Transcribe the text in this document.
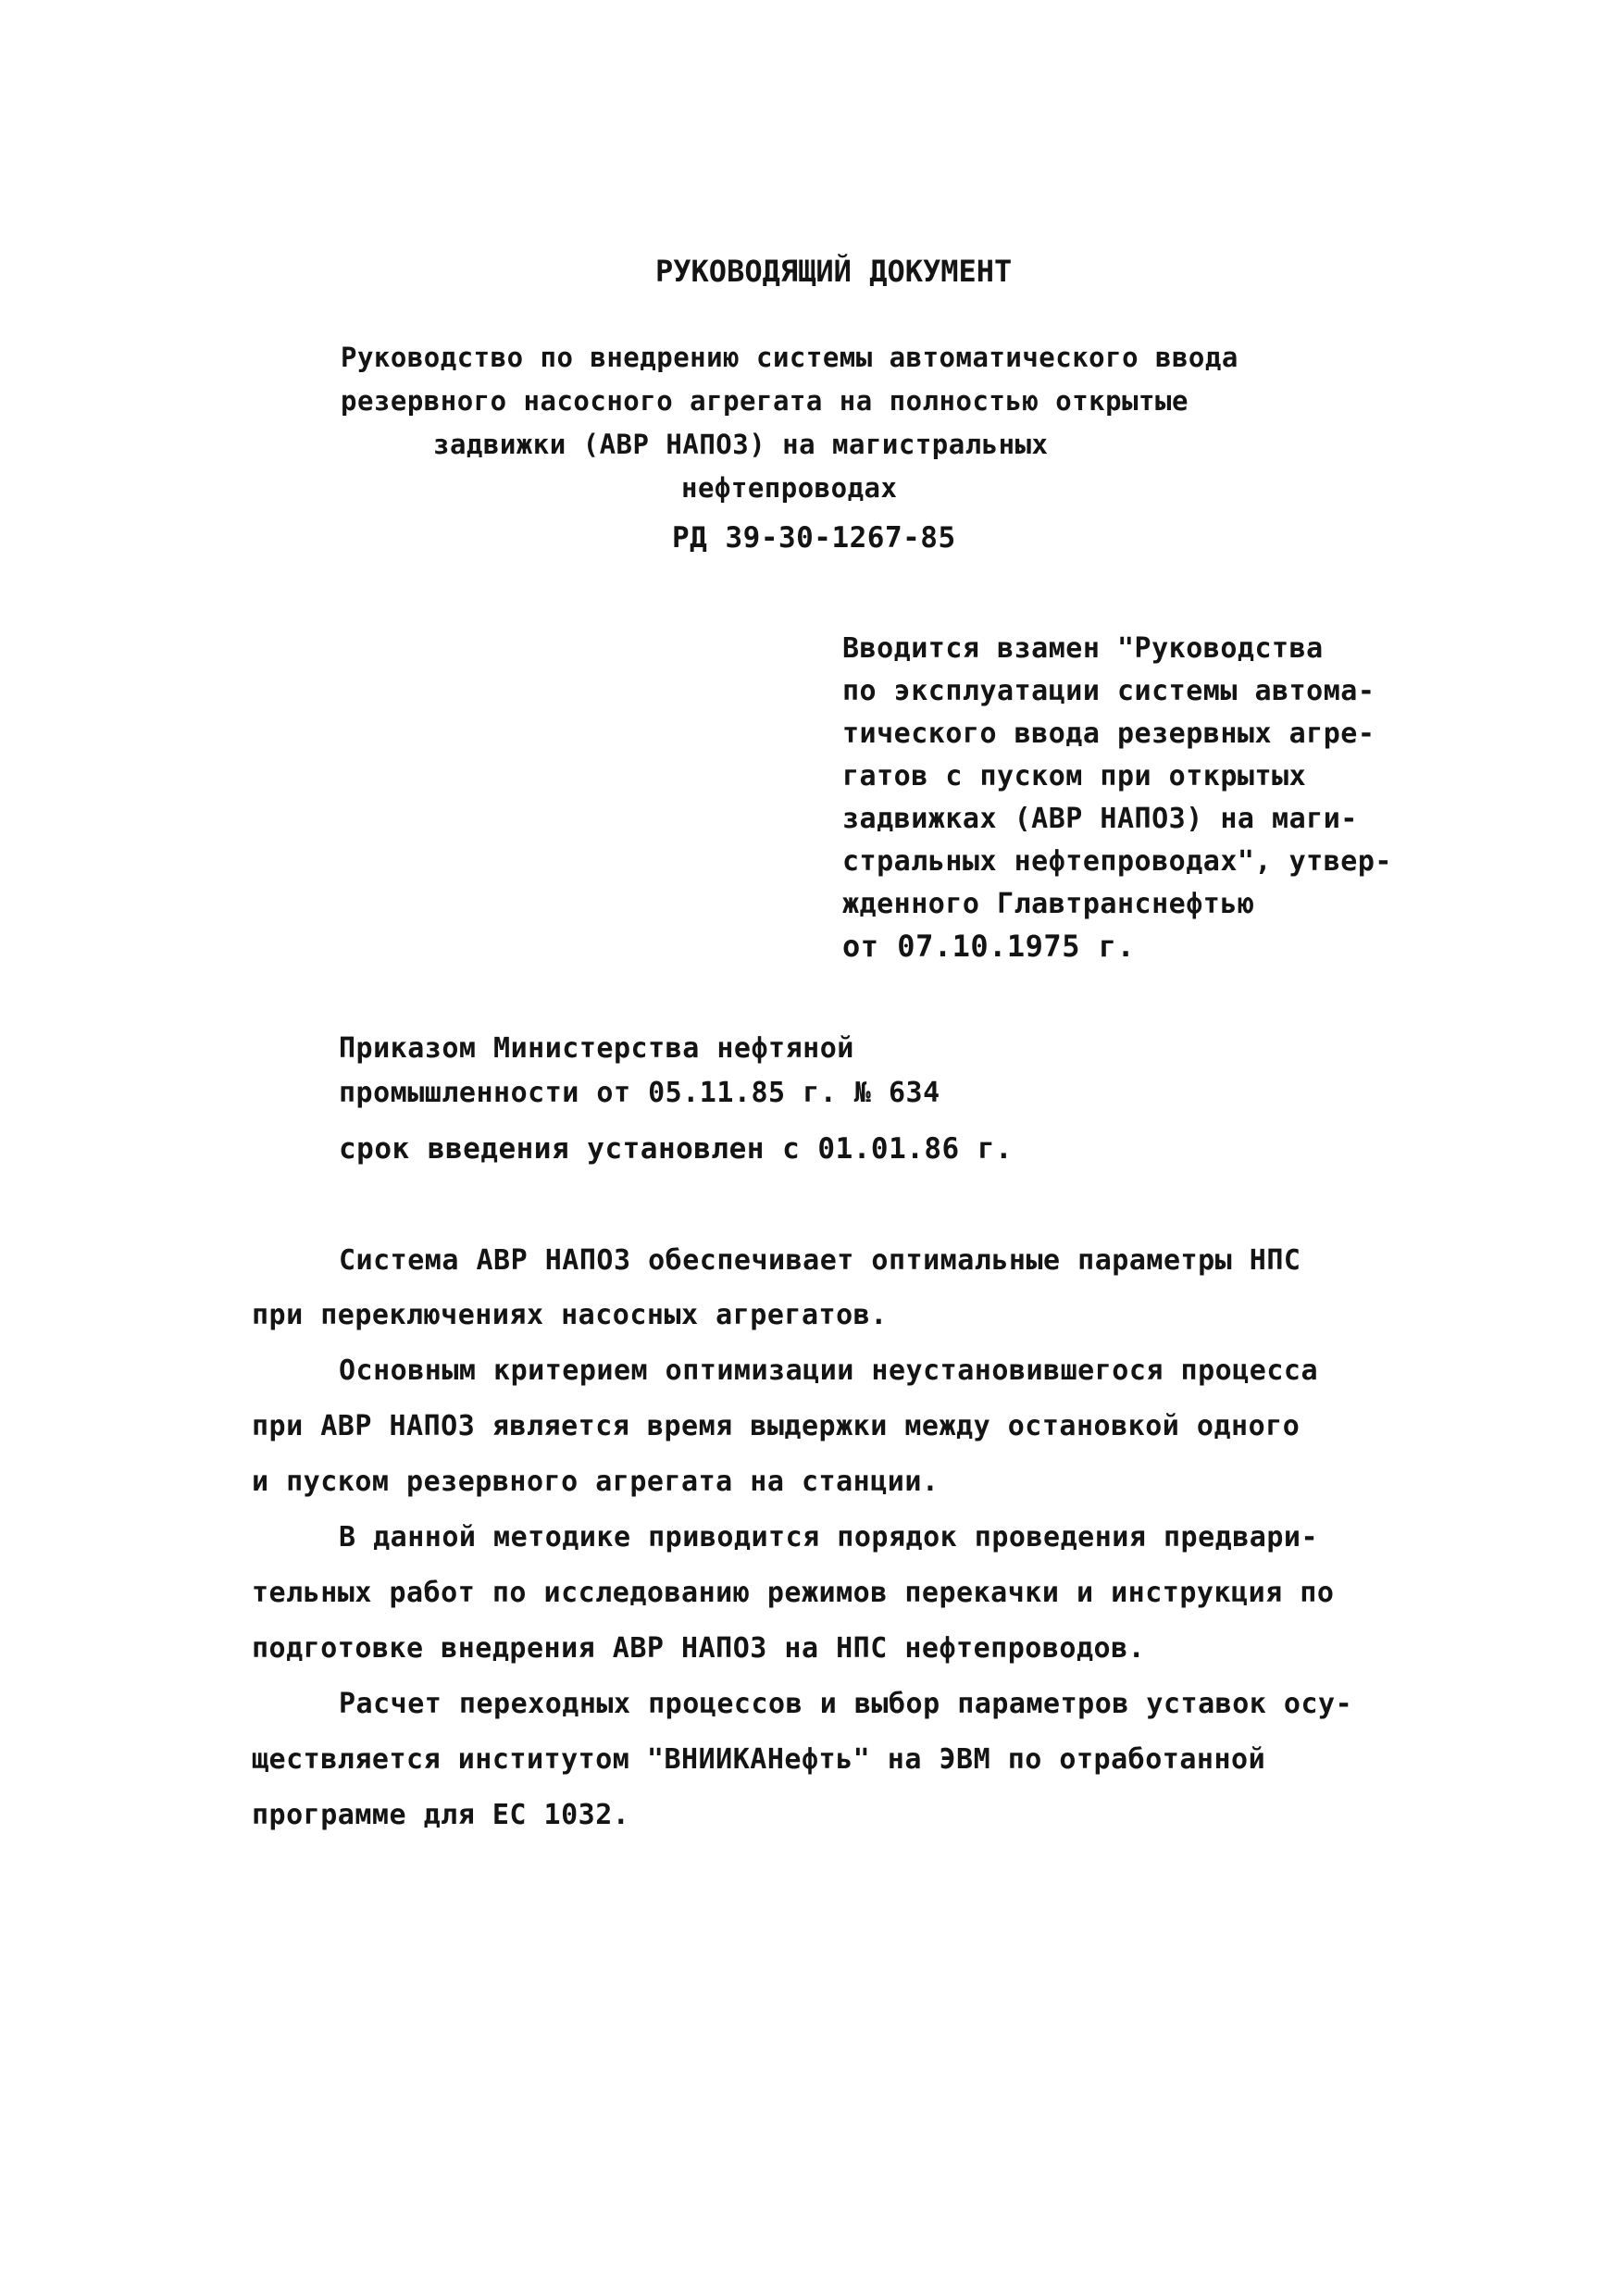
РУКОВОДЯЩИЙ ДОКУМЕНТ
Руководство по внедрению системы автоматического ввода
резервного насосного агрегата на полностью открытые
задвижки (АВР НАПОЗ) на магистральных
нефтепроводах
РД 39-30-1267-85
Вводится взамен "Руководства
по эксплуатации системы автома-
тического ввода резервных агре-
гатов с пуском при открытых
задвижках (АВР НАПОЗ) на маги-
стральных нефтепроводах", утвер-
жденного Главтранснефтью
от 07.10.1975 г.
Приказом Министерства нефтяной
промышленности от 05.11.85 г. № 634
срок введения установлен с 01.01.86 г.
Система АВР НАПОЗ обеспечивает оптимальные параметры НПС
при переключениях насосных агрегатов.
Основным критерием оптимизации неустановившегося процесса
при АВР НАПОЗ является время выдержки между остановкой одного
и пуском резервного агрегата на станции.
В данной методике приводится порядок проведения предвари-
тельных работ по исследованию режимов перекачки и инструкция по
подготовке внедрения АВР НАПОЗ на НПС нефтепроводов.
Расчет переходных процессов и выбор параметров уставок осу-
ществляется институтом "ВНИИКАНефть" на ЭВМ по отработанной
программе для ЕС 1032.
